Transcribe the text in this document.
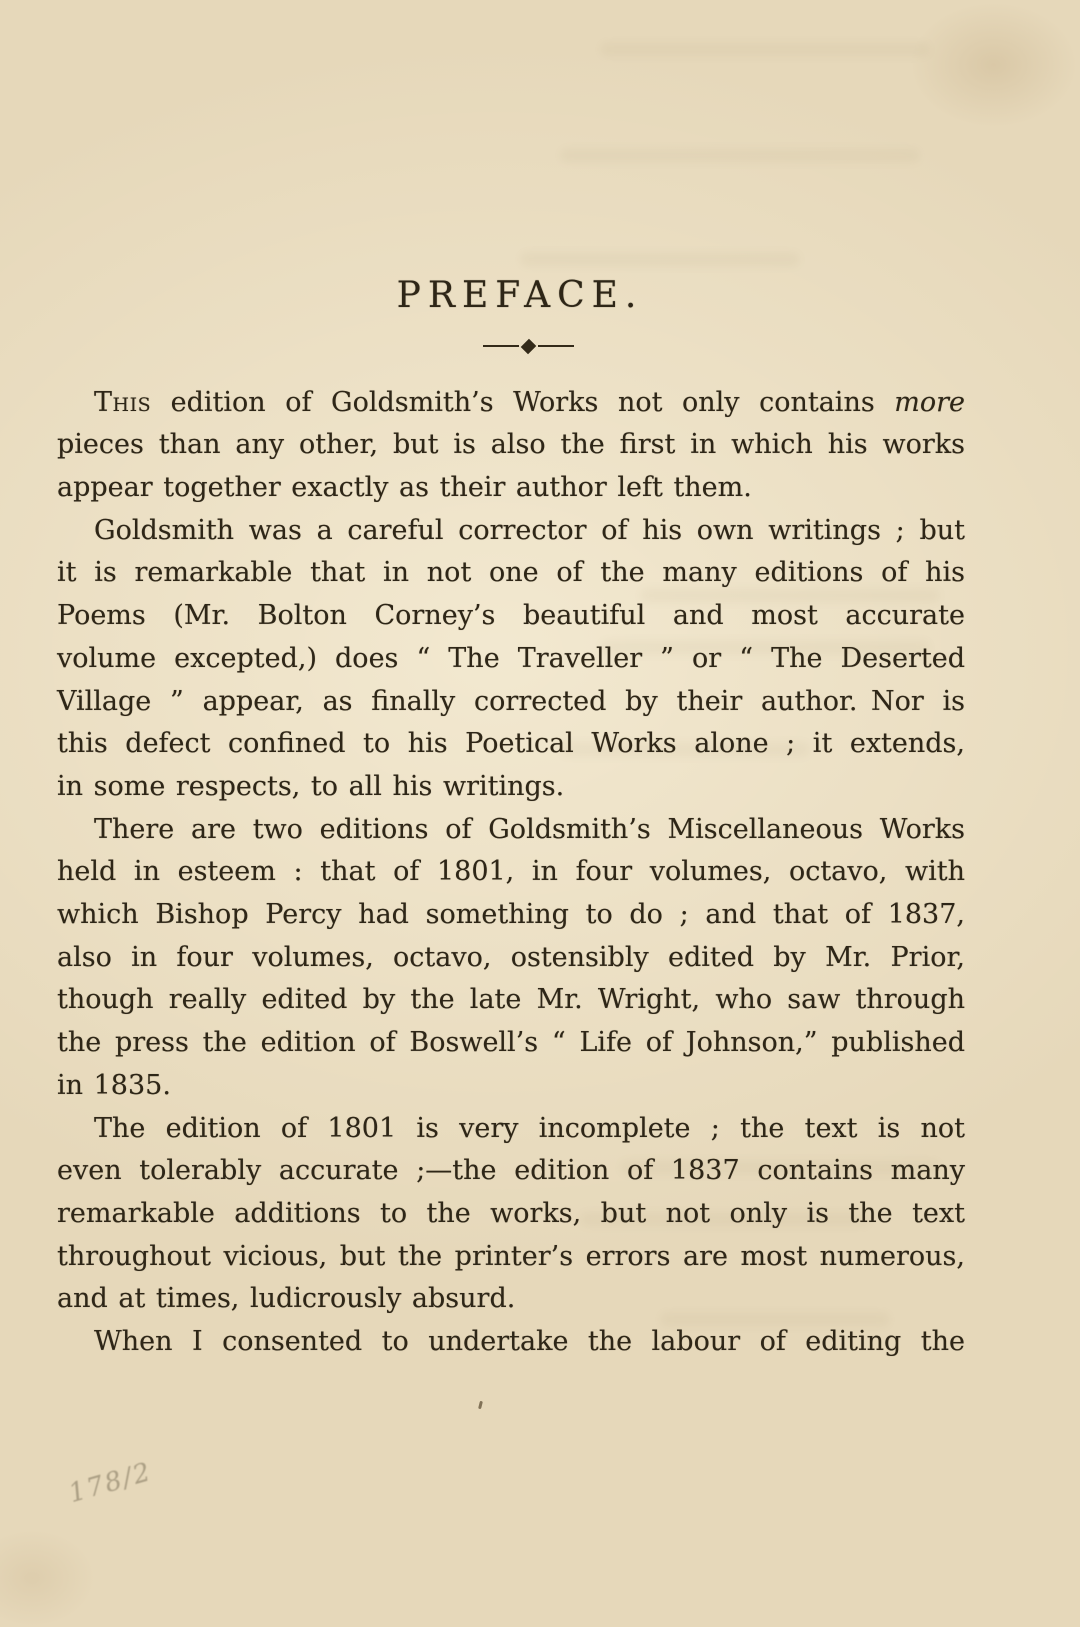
PREFACE.
This edition of Goldsmith’s Works not only contains more
pieces than any other, but is also the first in which his works
appear together exactly as their author left them.
Goldsmith was a careful corrector of his own writings ; but
it is remarkable that in not one of the many editions of his
Poems (Mr. Bolton Corney’s beautiful and most accurate
volume excepted,) does “ The Traveller ” or “ The Deserted
Village ” appear, as finally corrected by their author. Nor is
this defect confined to his Poetical Works alone ; it extends,
in some respects, to all his writings.
There are two editions of Goldsmith’s Miscellaneous Works
held in esteem : that of 1801, in four volumes, octavo, with
which Bishop Percy had something to do ; and that of 1837,
also in four volumes, octavo, ostensibly edited by Mr. Prior,
though really edited by the late Mr. Wright, who saw through
the press the edition of Boswell’s “ Life of Johnson,” published
in 1835.
The edition of 1801 is very incomplete ; the text is not
even tolerably accurate ;—the edition of 1837 contains many
remarkable additions to the works, but not only is the text
throughout vicious, but the printer’s errors are most numerous,
and at times, ludicrously absurd.
When I consented to undertake the labour of editing the
178/2
